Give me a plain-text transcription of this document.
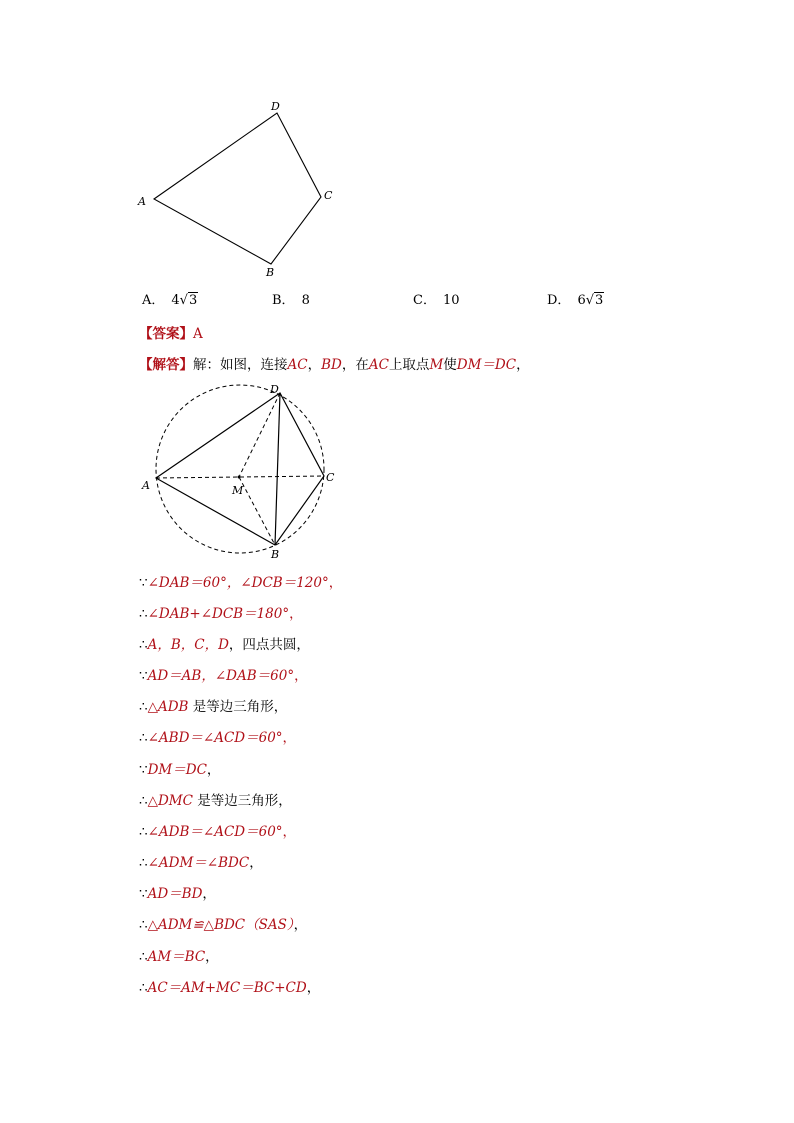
A
D
C
B
A． 4√3	B． 8	C． 10	D． 6√3
【答案】A
【解答】解：如图，连接AC，BD，在AC上取点M使DM＝DC，
D
A
C
B
M
∵∠DAB＝60°，∠DCB＝120°，
∴∠DAB+∠DCB＝180°，
∴A，B，C，D，四点共圆，
∵AD＝AB，∠DAB＝60°，
∴△ADB 是等边三角形，
∴∠ABD＝∠ACD＝60°，
∵DM＝DC，
∴△DMC 是等边三角形，
∴∠ADB＝∠ACD＝60°，
∴∠ADM＝∠BDC，
∵AD＝BD，
∴△ADM≌△BDC（SAS），
∴AM＝BC，
∴AC＝AM+MC＝BC+CD，
